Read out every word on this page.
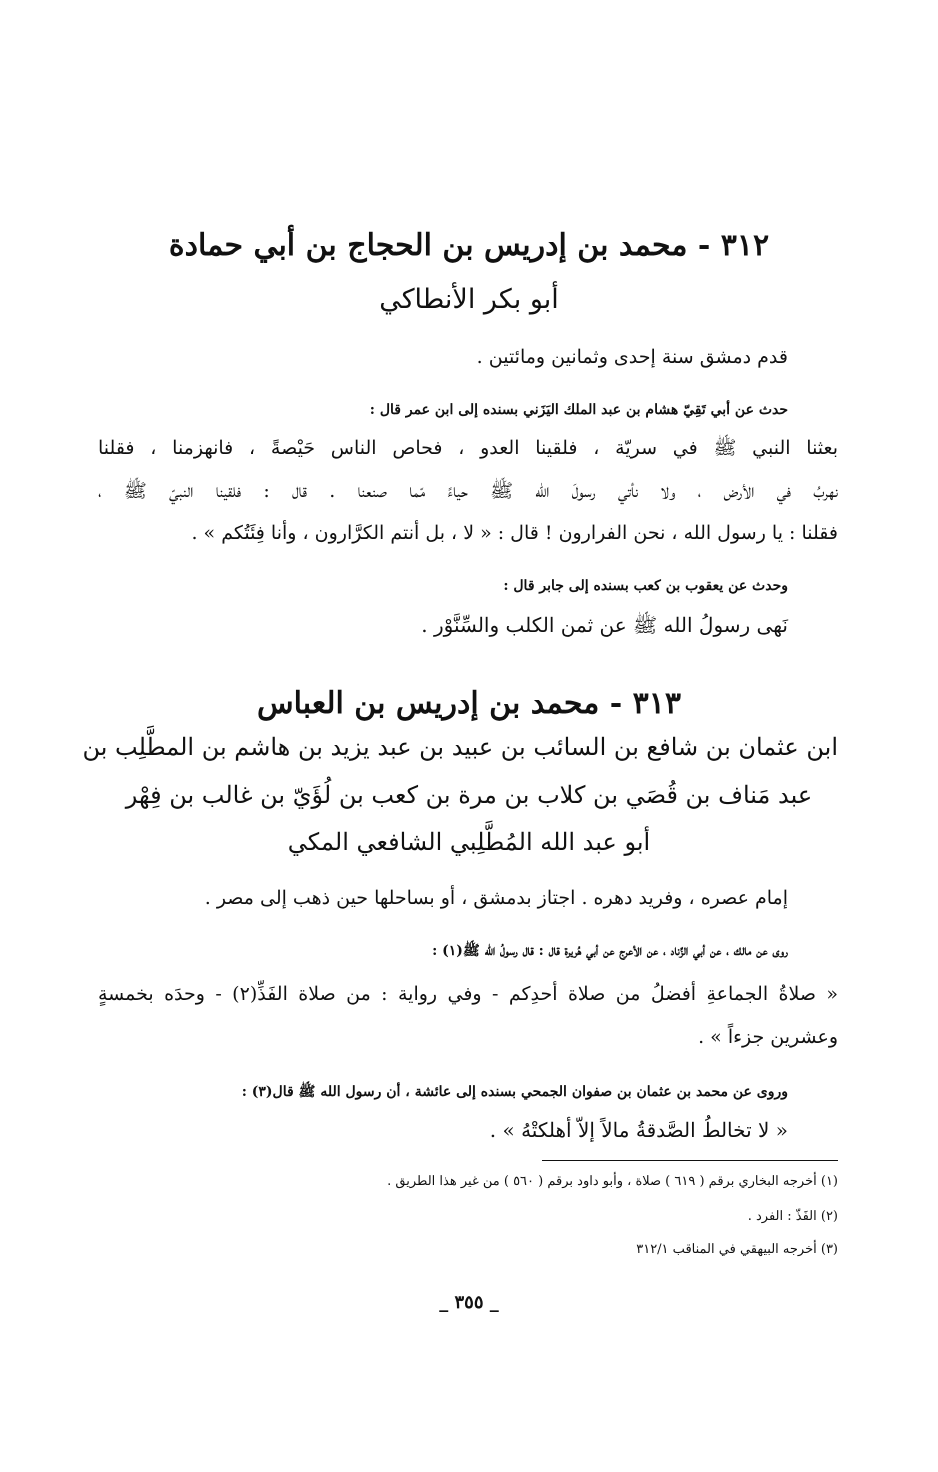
٣١٢ - محمد بن إدريس بن الحجاج بن أبي حمادة
أبو بكر الأنطاكي
قدم دمشق سنة إحدى وثمانين ومائتين .
حدث عن أبي تَقِيّ هشام بن عبد الملك اليَزَني بسنده إلى ابن عمر قال :
بعثنا النبي ﷺ في سريّة ، فلقينا العدو ، فحاص الناس حَيْصةً ، فانهزمنا ، فقلنا
نهربُ في الأرض ، ولا نأتي رسولَ الله ﷺ حياءً مّما صنعنا . قال : فلقينا النبيّ ﷺ ،
فقلنا : يا رسول الله ، نحن الفرارون ! قال : « لا ، بل أنتم الكرَّارون ، وأنا فِئَتُكم » .
وحدث عن يعقوب بن كعب بسنده إلى جابر قال :
نَهى رسولُ الله ﷺ عن ثمن الكلب والسِّنَّوْر .
٣١٣ - محمد بن إدريس بن العباس
ابن عثمان بن شافع بن السائب بن عبيد بن عبد يزيد بن هاشم بن المطَّلِب بن
عبد مَناف بن قُصَي بن كلاب بن مرة بن كعب بن لُؤَيّ بن غالب بن فِهْر
أبو عبد الله المُطَّلِبي الشافعي المكي
إمام عصره ، وفريد دهره . اجتاز بدمشق ، أو بساحلها حين ذهب إلى مصر .
روى عن مالك ، عن أبي الزِّناد ، عن الأعرج عن أبي هُريرة قال : قال رسولُ الله ﷺ(١) :
« صلاةُ الجماعةِ أفضلُ من صلاة أحدِكم - وفي رواية : من صلاة الفَذِّ(٢) - وحدَه بخمسةٍ
وعشرين جزءاً » .
وروى عن محمد بن عثمان بن صفوان الجمحي بسنده إلى عائشة ، أن رسول الله ﷺ قال(٣) :
« لا تخالطُ الصَّدقةُ مالاً إلاّ أهلكتْهُ » .
(١) أخرجه البخاري برقم ( ٦١٩ ) صلاة ، وأبو داود برقم ( ٥٦٠ ) من غير هذا الطريق .
(٢) الفَذّ : الفرد .
(٣) أخرجه البيهقي في المناقب ٣١٢/١
_ ٣٥٥ _
